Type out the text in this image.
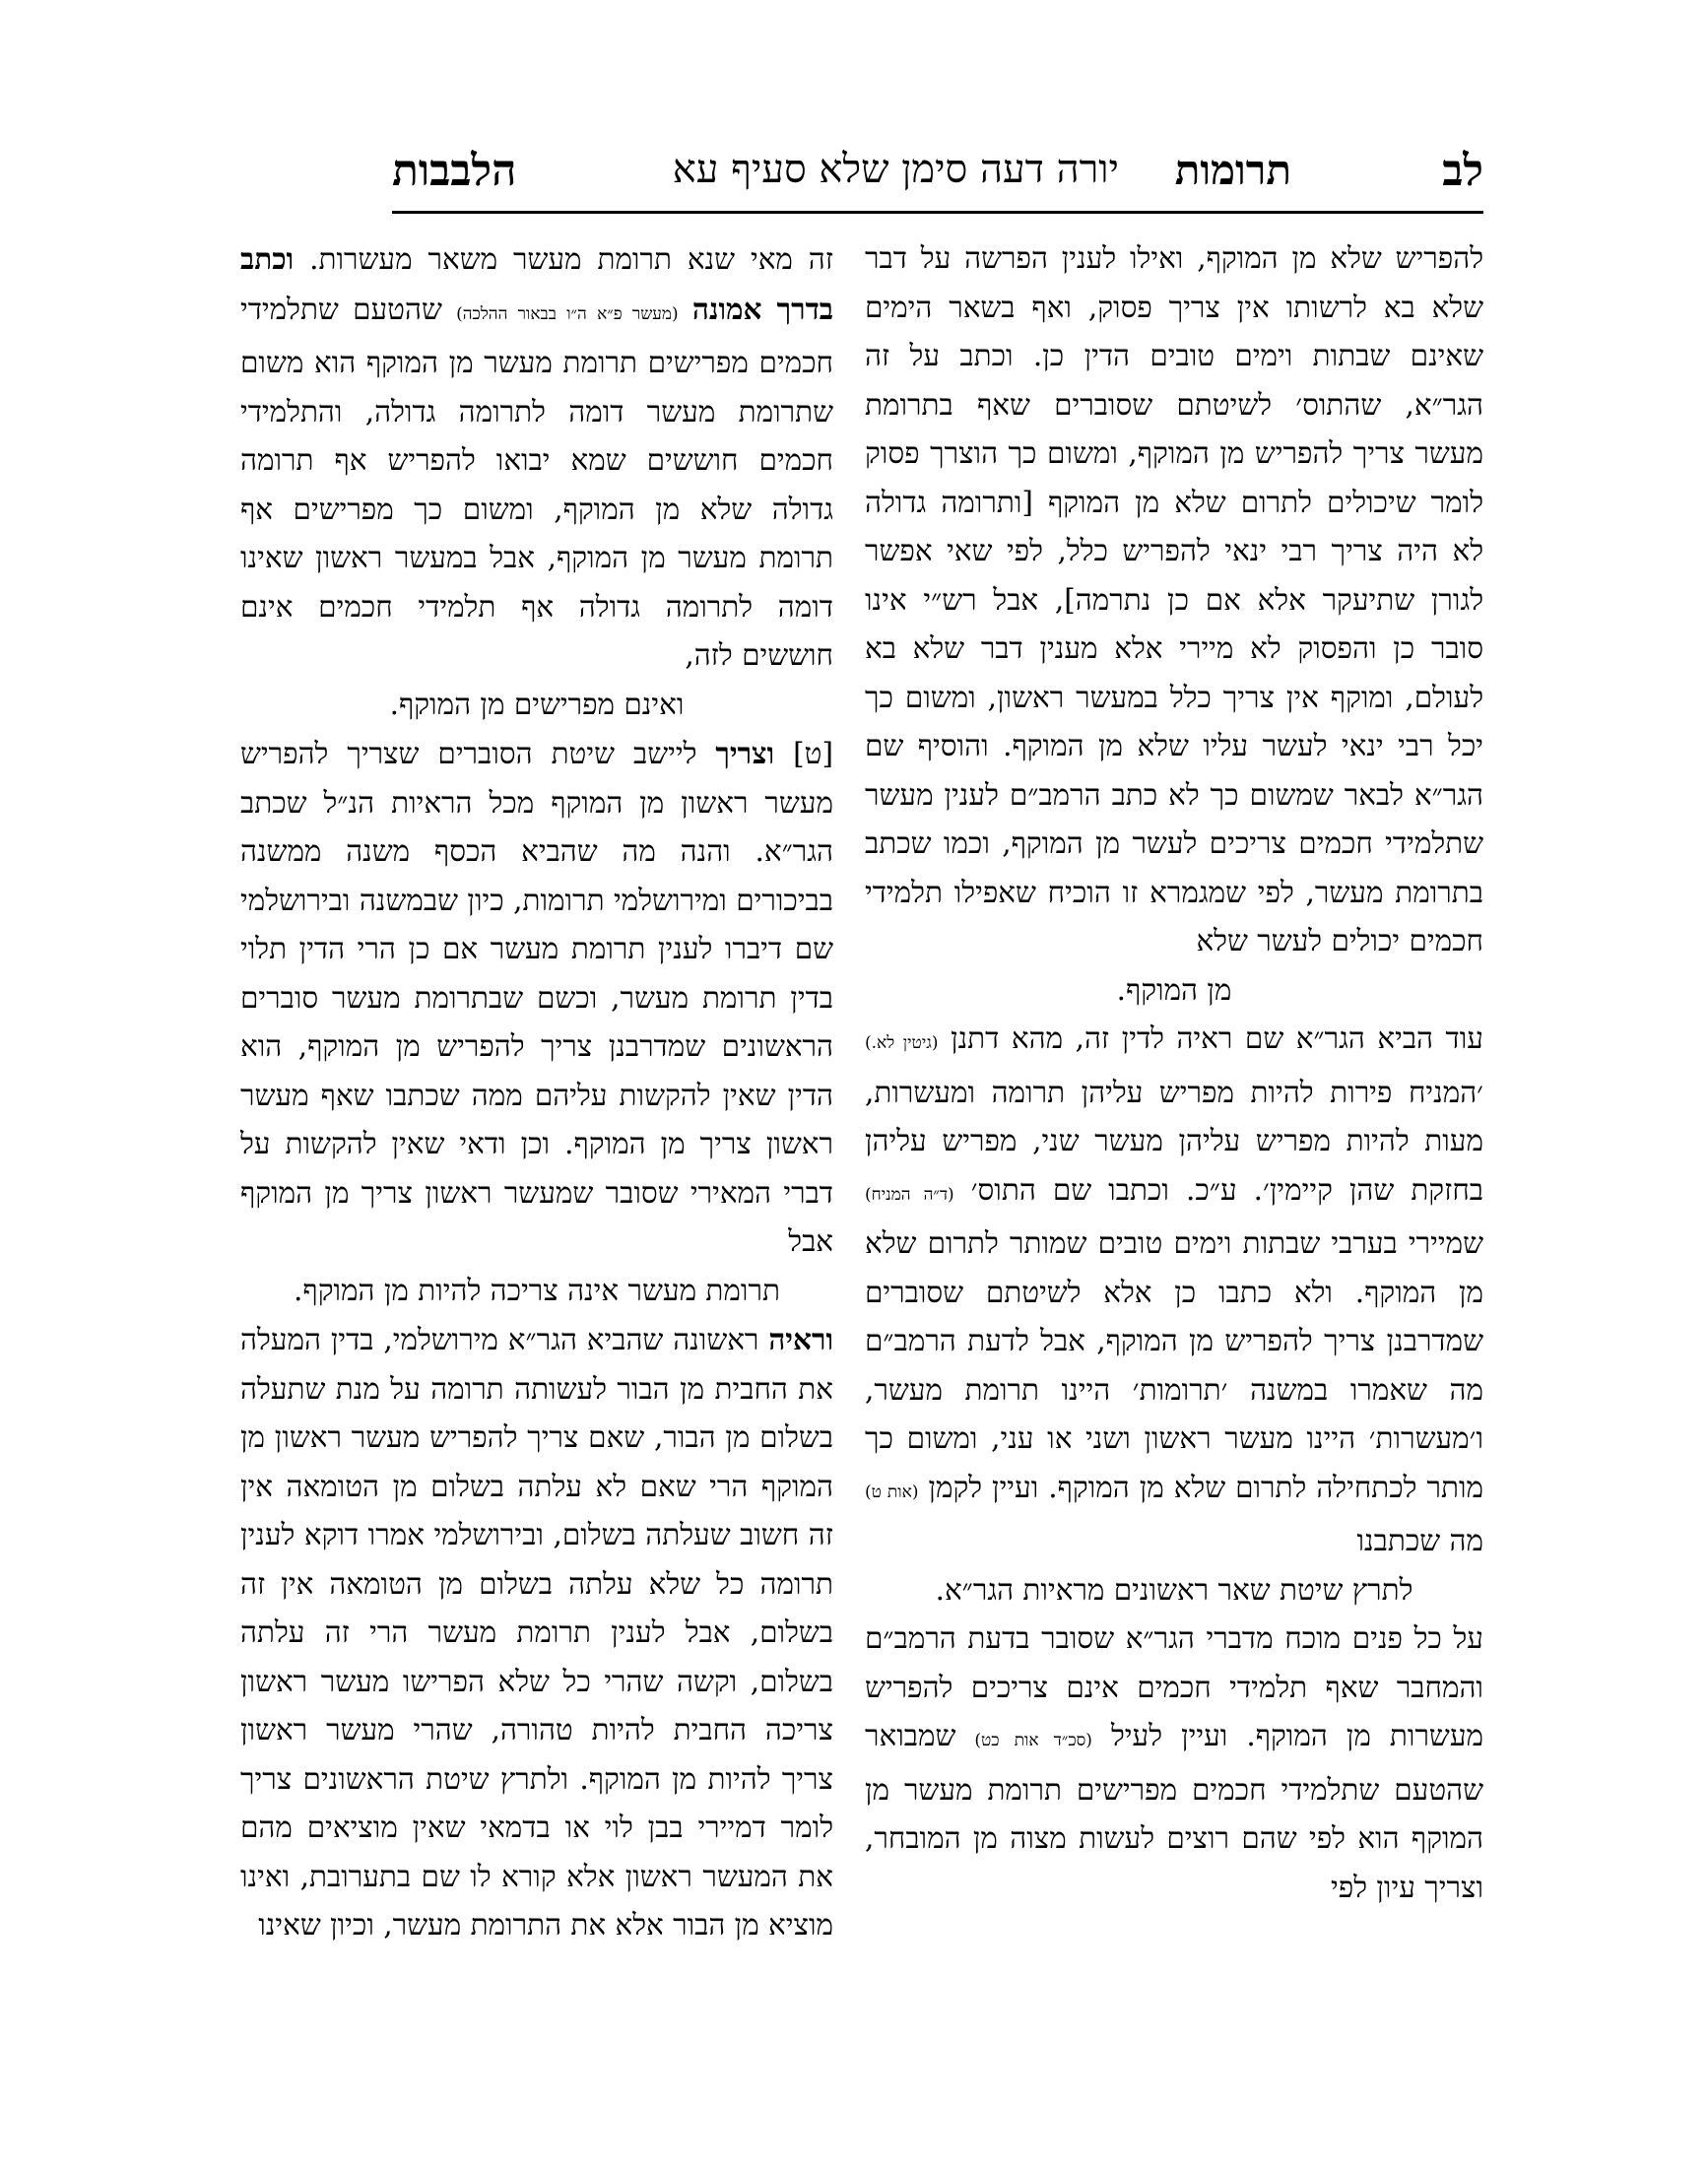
לב
תרומות
יורה דעה סימן שלא סעיף עא
הלבבות

להפריש שלא מן המוקף, ואילו לענין הפרשה על דבר שלא בא לרשותו אין צריך פסוק, ואף בשאר הימים שאינם שבתות וימים טובים הדין כן. וכתב על זה הגר״א, שהתוס׳ לשיטתם שסוברים שאף בתרומת מעשר צריך להפריש מן המוקף, ומשום כך הוצרך פסוק לומר שיכולים לתרום שלא מן המוקף [ותרומה גדולה לא היה צריך רבי ינאי להפריש כלל, לפי שאי אפשר לגורן שתיעקר אלא אם כן נתרמה], אבל רש״י אינו סובר כן והפסוק לא מיירי אלא מענין דבר שלא בא לעולם, ומוקף אין צריך כלל במעשר ראשון, ומשום כך יכל רבי ינאי לעשר עליו שלא מן המוקף. והוסיף שם הגר״א לבאר שמשום כך לא כתב הרמב״ם לענין מעשר שתלמידי חכמים צריכים לעשר מן המוקף, וכמו שכתב בתרומת מעשר, לפי שמגמרא זו הוכיח שאפילו תלמידי חכמים יכולים לעשר שלא

מן המוקף.

עוד הביא הגר״א שם ראיה לדין זה, מהא דתנן (גיטין לא.) ׳המניח פירות להיות מפריש עליהן תרומה ומעשרות, מעות להיות מפריש עליהן מעשר שני, מפריש עליהן בחזקת שהן קיימין׳. ע״כ. וכתבו שם התוס׳ (ד״ה המניח) שמיירי בערבי שבתות וימים טובים שמותר לתרום שלא מן המוקף. ולא כתבו כן אלא לשיטתם שסוברים שמדרבנן צריך להפריש מן המוקף, אבל לדעת הרמב״ם מה שאמרו במשנה ׳תרומות׳ היינו תרומת מעשר, ו׳מעשרות׳ היינו מעשר ראשון ושני או עני, ומשום כך מותר לכתחילה לתרום שלא מן המוקף. ועיין לקמן (אות ט) מה שכתבנו

לתרץ שיטת שאר ראשונים מראיות הגר״א.

על כל פנים מוכח מדברי הגר״א שסובר בדעת הרמב״ם והמחבר שאף תלמידי חכמים אינם צריכים להפריש מעשרות מן המוקף. ועיין לעיל (סכ״ד אות כט) שמבואר שהטעם שתלמידי חכמים מפרישים תרומת מעשר מן המוקף הוא לפי שהם רוצים לעשות מצוה מן המובחר, וצריך עיון לפי

זה מאי שנא תרומת מעשר משאר מעשרות. וכתב בדרך אמונה (מעשר פ״א ה״ו בבאור ההלכה) שהטעם שתלמידי חכמים מפרישים תרומת מעשר מן המוקף הוא משום שתרומת מעשר דומה לתרומה גדולה, והתלמידי חכמים חוששים שמא יבואו להפריש אף תרומה גדולה שלא מן המוקף, ומשום כך מפרישים אף תרומת מעשר מן המוקף, אבל במעשר ראשון שאינו דומה לתרומה גדולה אף תלמידי חכמים אינם חוששים לזה,

ואינם מפרישים מן המוקף.

[ט] וצריך ליישב שיטת הסוברים שצריך להפריש מעשר ראשון מן המוקף מכל הראיות הנ״ל שכתב הגר״א. והנה מה שהביא הכסף משנה ממשנה בביכורים ומירושלמי תרומות, כיון שבמשנה ובירושלמי שם דיברו לענין תרומת מעשר אם כן הרי הדין תלוי בדין תרומת מעשר, וכשם שבתרומת מעשר סוברים הראשונים שמדרבנן צריך להפריש מן המוקף, הוא הדין שאין להקשות עליהם ממה שכתבו שאף מעשר ראשון צריך מן המוקף. וכן ודאי שאין להקשות על דברי המאירי שסובר שמעשר ראשון צריך מן המוקף אבל

תרומת מעשר אינה צריכה להיות מן המוקף.

וראיה ראשונה שהביא הגר״א מירושלמי, בדין המעלה את החבית מן הבור לעשותה תרומה על מנת שתעלה בשלום מן הבור, שאם צריך להפריש מעשר ראשון מן המוקף הרי שאם לא עלתה בשלום מן הטומאה אין זה חשוב שעלתה בשלום, ובירושלמי אמרו דוקא לענין תרומה כל שלא עלתה בשלום מן הטומאה אין זה בשלום, אבל לענין תרומת מעשר הרי זה עלתה בשלום, וקשה שהרי כל שלא הפרישו מעשר ראשון צריכה החבית להיות טהורה, שהרי מעשר ראשון צריך להיות מן המוקף. ולתרץ שיטת הראשונים צריך לומר דמיירי בבן לוי או בדמאי שאין מוציאים מהם את המעשר ראשון אלא קורא לו שם בתערובת, ואינו מוציא מן הבור אלא את התרומת מעשר, וכיון שאינו
